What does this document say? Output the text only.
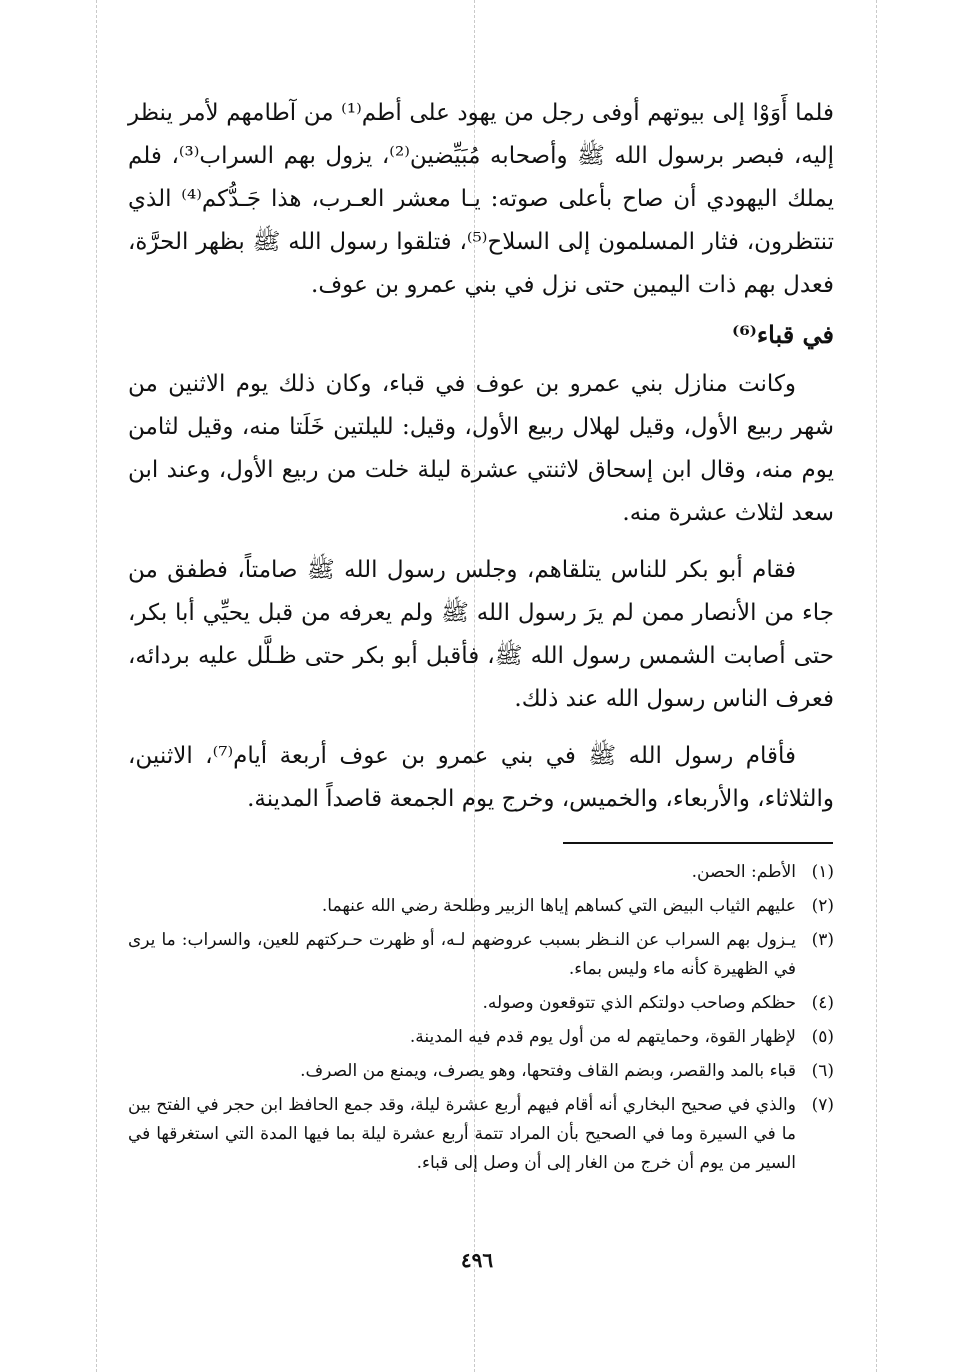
فلما أَوَوْا إلى بيوتهم أوفى رجل من يهود على أطم⁽¹⁾ من آطامهم لأمر ينظر إليه، فبصر برسول الله ﷺ وأصحابه مُبَيِّضين⁽²⁾، يزول بهم السراب⁽³⁾، فلم يملك اليهودي أن صاح بأعلى صوته: يـا معشر العـرب، هذا جَـدُّكم⁽⁴⁾ الذي تنتظرون، فثار المسلمون إلى السلاح⁽⁵⁾، فتلقوا رسول الله ﷺ بظهر الحرَّة، فعدل بهم ذات اليمين حتى نزل في بني عمرو بن عوف.

في قباء⁽⁶⁾

وكانت منازل بني عمرو بن عوف في قباء، وكان ذلك يوم الاثنين من شهر ربيع الأول، وقيل لهلال ربيع الأول، وقيل: لليلتين خَلَتا منه، وقيل لثامن يوم منه، وقال ابن إسحاق لاثنتي عشرة ليلة خلت من ربيع الأول، وعند ابن سعد لثلاث عشرة منه.

فقام أبو بكر للناس يتلقاهم، وجلس رسول الله ﷺ صامتاً، فطفق من جاء من الأنصار ممن لم يرَ رسول الله ﷺ ولم يعرفه من قبل يحيِّي أبا بكر، حتى أصابت الشمس رسول الله ﷺ، فأقبل أبو بكر حتى ظـلَّل عليه بردائه، فعرف الناس رسول الله عند ذلك.

فأقام رسول الله ﷺ في بني عمرو بن عوف أربعة أيام⁽⁷⁾، الاثنين، والثلاثاء، والأربعاء، والخميس، وخرج يوم الجمعة قاصداً المدينة.

(١)
الأطم: الحصن.
(٢)
عليهم الثياب البيض التي كساهم إياها الزبير وطلحة رضي الله عنهما.
(٣)
يـزول بهم السراب عن النـظر بسبب عروضهم لـه، أو ظهرت حـركتهم للعين، والسراب: ما يرى في الظهيرة كأنه ماء وليس بماء.
(٤)
حظكم وصاحب دولتكم الذي تتوقعون وصوله.
(٥)
لإظهار القوة، وحمايتهم له من أول يوم قدم فيه المدينة.
(٦)
قباء بالمد والقصر، وبضم القاف وفتحها، وهو يصرف، ويمنع من الصرف.
(٧)
والذي في صحيح البخاري أنه أقام فيهم أربع عشرة ليلة، وقد جمع الحافظ ابن حجر في الفتح بين ما في السيرة وما في الصحيح بأن المراد تتمة أربع عشرة ليلة بما فيها المدة التي استغرقها في السير من يوم أن خرج من الغار إلى أن وصل إلى قباء.
٤٩٦
